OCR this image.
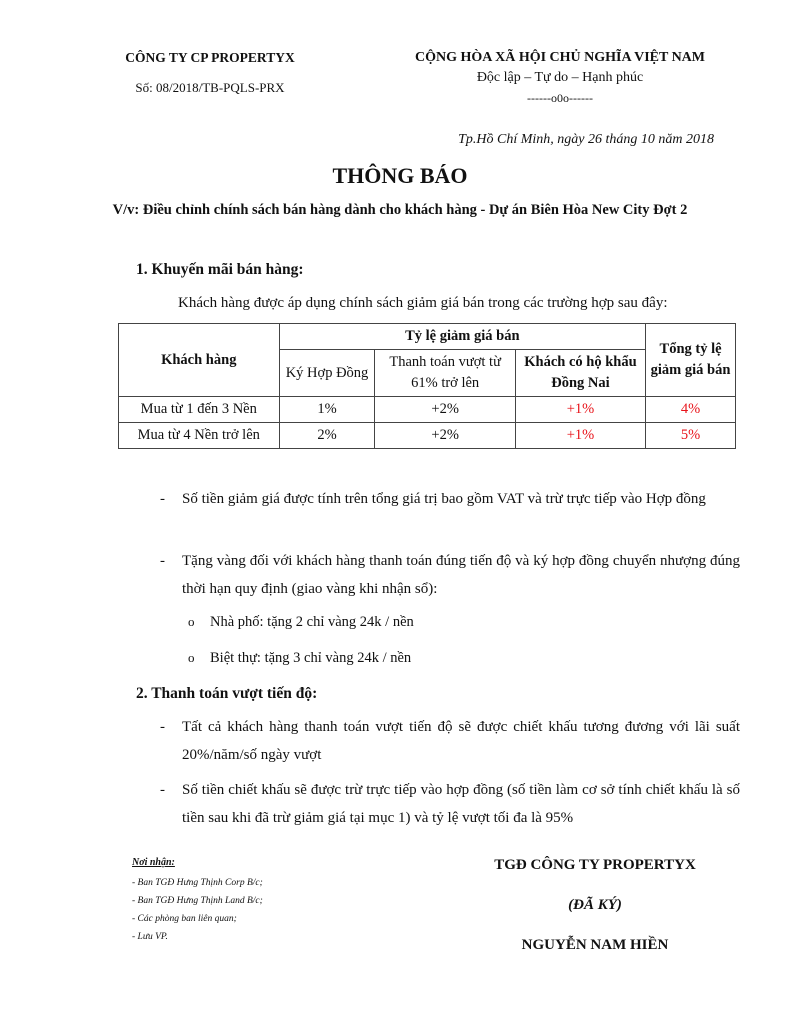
CÔNG TY CP PROPERTYX
Số: 08/2018/TB-PQLS-PRX
CỘNG HÒA XÃ HỘI CHỦ NGHĨA VIỆT NAM
Độc lập – Tự do – Hạnh phúc
------o0o------
Tp.Hồ Chí Minh, ngày 26 tháng 10 năm 2018
THÔNG BÁO
V/v: Điều chỉnh chính sách bán hàng dành cho khách hàng - Dự án Biên Hòa New City Đợt 2
1. Khuyến mãi bán hàng:
Khách hàng được áp dụng chính sách giảm giá bán trong các trường hợp sau đây:
Khách hàng	Tỷ lệ giảm giá bán			Tổng tỷ lệ giảm giá bán
	Ký Hợp Đồng	Thanh toán vượt từ 61% trở lên	Khách có hộ khẩu Đồng Nai	
Mua từ 1 đến 3 Nền	1%	+2%	+1%	4%
Mua từ 4 Nền trở lên	2%	+2%	+1%	5%
-	Số tiền giảm giá được tính trên tổng giá trị bao gồm VAT và trừ trực tiếp vào Hợp đồng
-	Tặng vàng đối với khách hàng thanh toán đúng tiến độ và ký hợp đồng chuyển nhượng đúng thời hạn quy định (giao vàng khi nhận sổ):
o Nhà phố: tặng 2 chỉ vàng 24k / nền
o Biệt thự: tặng 3 chỉ vàng 24k / nền
2. Thanh toán vượt tiến độ:
-	Tất cả khách hàng thanh toán vượt tiến độ sẽ được chiết khấu tương đương với lãi suất 20%/năm/số ngày vượt
-	Số tiền chiết khấu sẽ được trừ trực tiếp vào hợp đồng (số tiền làm cơ sở tính chiết khấu là số tiền sau khi đã trừ giảm giá tại mục 1) và tỷ lệ vượt tối đa là 95%
Nơi nhận:
- Ban TGĐ Hưng Thịnh Corp B/c;
- Ban TGĐ Hưng Thịnh Land B/c;
- Các phòng ban liên quan;
- Lưu VP.
TGĐ CÔNG TY PROPERTYX
(ĐÃ KÝ)
NGUYỄN NAM HIỀN
